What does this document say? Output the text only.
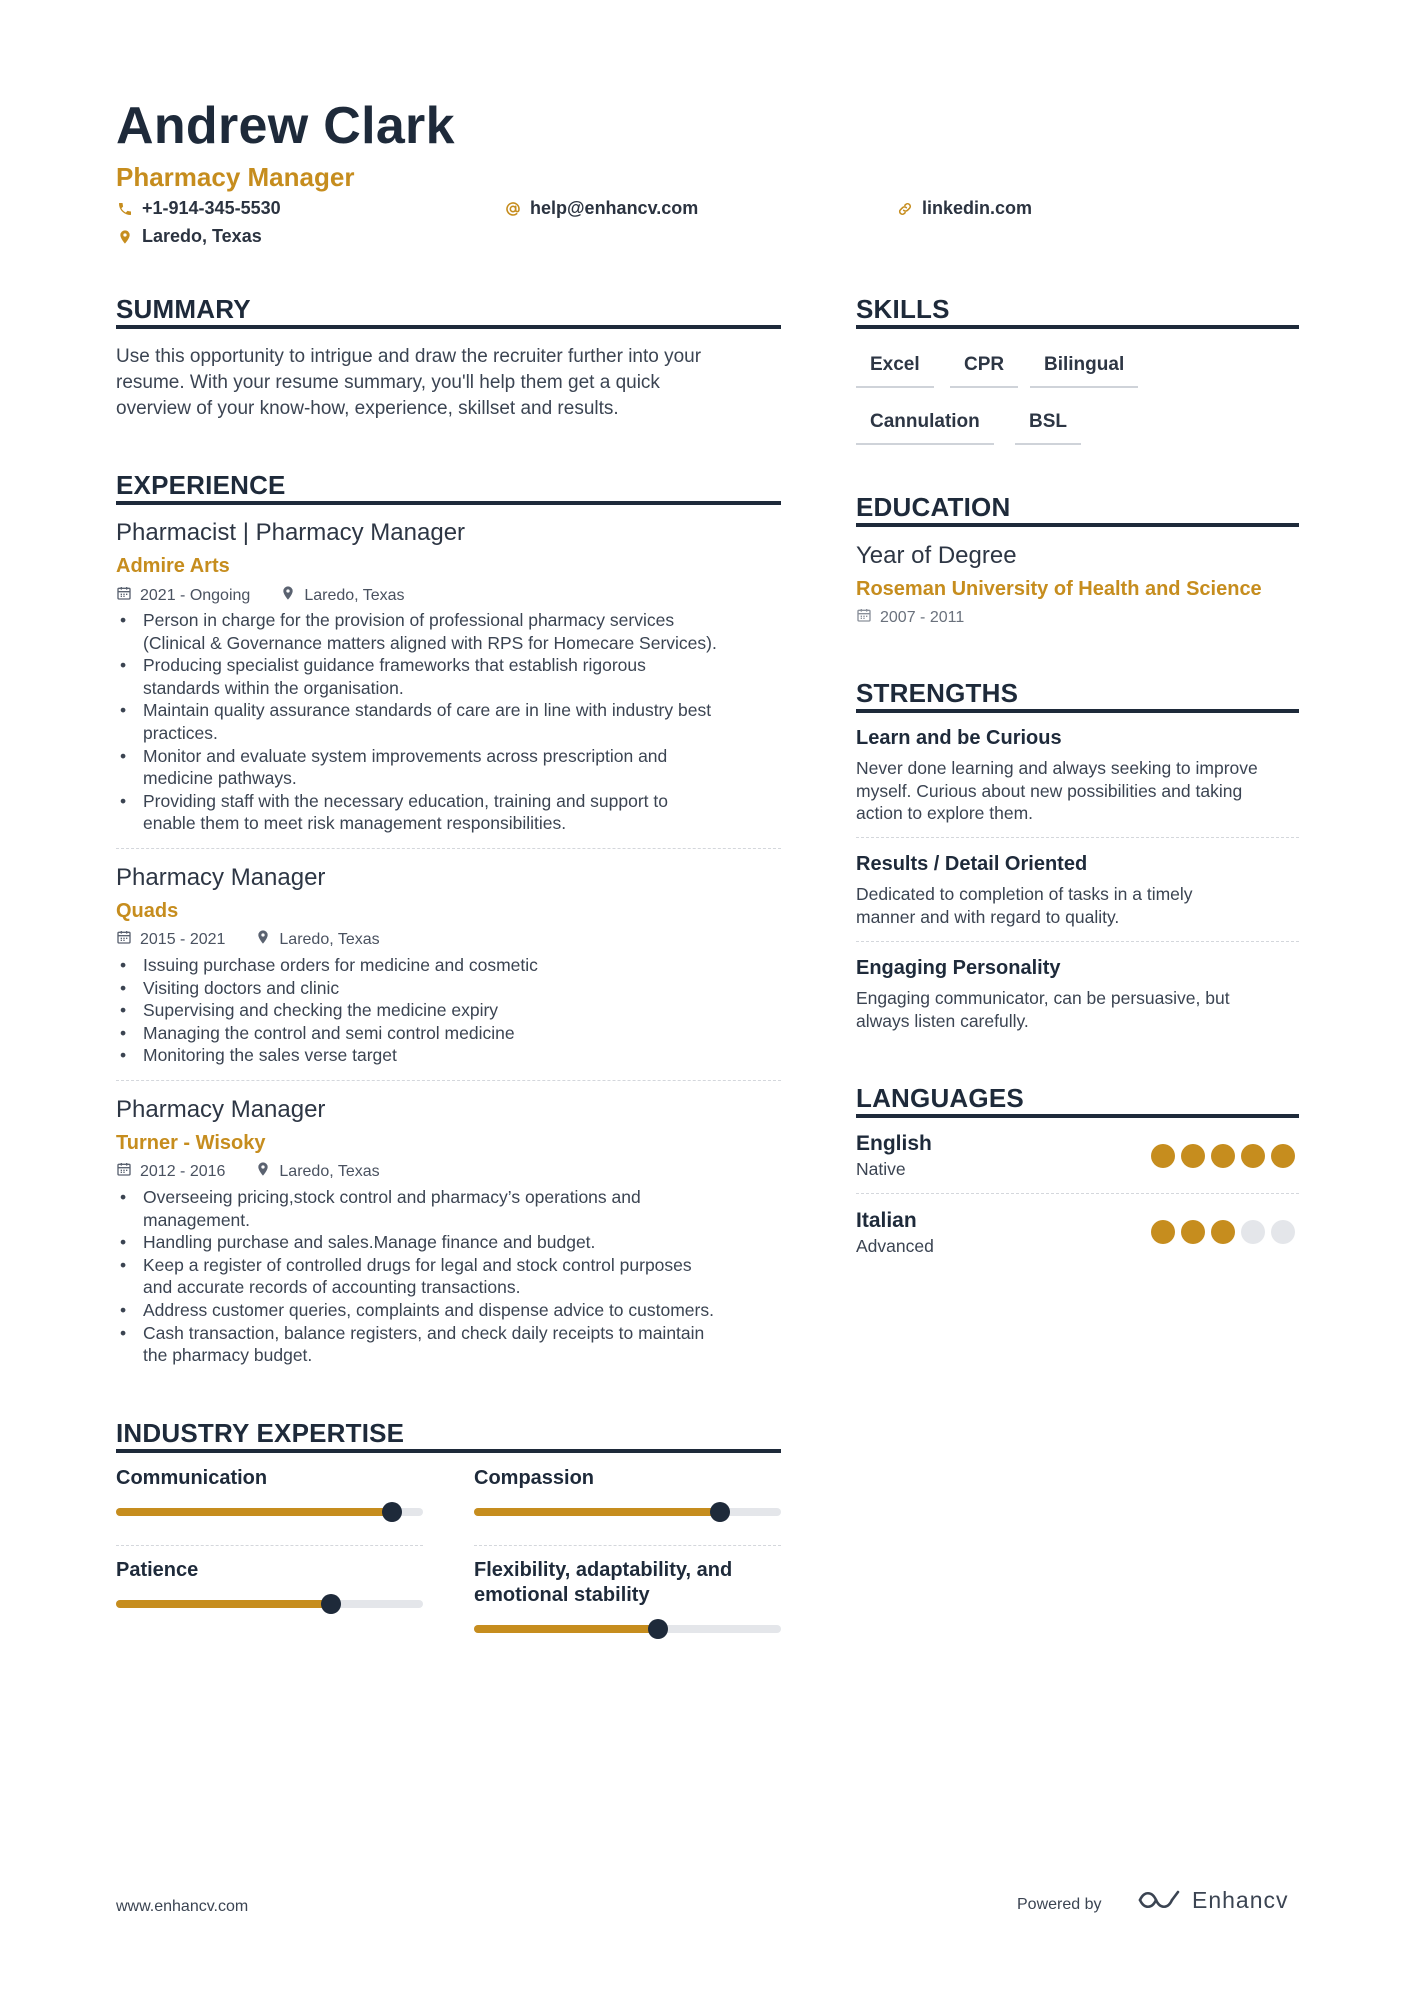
Andrew Clark
Pharmacy Manager
+1-914-345-5530	help@enhancv.com	linkedin.com
Laredo, Texas
SUMMARY
Use this opportunity to intrigue and draw the recruiter further into your
resume. With your resume summary, you'll help them get a quick
overview of your know-how, experience, skillset and results.
EXPERIENCE
Pharmacist | Pharmacy Manager
Admire Arts
2021 - Ongoing	Laredo, Texas
• Person in charge for the provision of professional pharmacy services
(Clinical & Governance matters aligned with RPS for Homecare Services).
• Producing specialist guidance frameworks that establish rigorous
standards within the organisation.
• Maintain quality assurance standards of care are in line with industry best
practices.
• Monitor and evaluate system improvements across prescription and
medicine pathways.
• Providing staff with the necessary education, training and support to
enable them to meet risk management responsibilities.
Pharmacy Manager
Quads
2015 - 2021	Laredo, Texas
• Issuing purchase orders for medicine and cosmetic
• Visiting doctors and clinic
• Supervising and checking the medicine expiry
• Managing the control and semi control medicine
• Monitoring the sales verse target
Pharmacy Manager
Turner - Wisoky
2012 - 2016	Laredo, Texas
• Overseeing pricing,stock control and pharmacy’s operations and
management.
• Handling purchase and sales.Manage finance and budget.
• Keep a register of controlled drugs for legal and stock control purposes
and accurate records of accounting transactions.
• Address customer queries, complaints and dispense advice to customers.
• Cash transaction, balance registers, and check daily receipts to maintain
the pharmacy budget.
INDUSTRY EXPERTISE
Communication	Compassion
Patience	Flexibility, adaptability, and emotional stability
SKILLS
Excel	CPR	Bilingual
Cannulation	BSL
EDUCATION
Year of Degree
Roseman University of Health and Science
2007 - 2011
STRENGTHS
Learn and be Curious
Never done learning and always seeking to improve
myself. Curious about new possibilities and taking
action to explore them.
Results / Detail Oriented
Dedicated to completion of tasks in a timely
manner and with regard to quality.
Engaging Personality
Engaging communicator, can be persuasive, but
always listen carefully.
LANGUAGES
English
Native
Italian
Advanced
www.enhancv.com	Powered by	Enhancv
